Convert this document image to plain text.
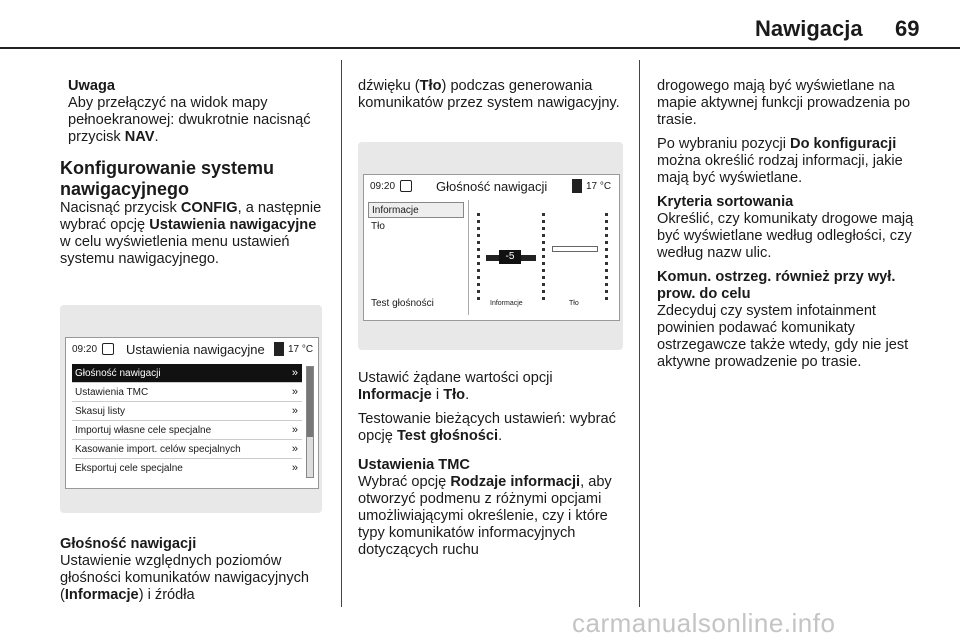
Nawigacja 69

Uwaga

Aby przełączyć na widok mapy pełnoekranowej: dwukrotnie nacisnąć przycisk NAV.

Konfigurowanie systemu nawigacyjnego

Nacisnąć przycisk CONFIG, a następnie wybrać opcję Ustawienia nawigacyjne w celu wyświetlenia menu ustawień systemu nawigacyjnego.

09:20 Ustawienia nawigacyjne 17 °C
Głośność nawigacji	»
Ustawienia TMC	»
Skasuj listy	»
Importuj własne cele specjalne	»
Kasowanie import. celów specjalnych	»
Eksportuj cele specjalne	»

Głośność nawigacji

Ustawienie względnych poziomów głośności komunikatów nawigacyjnych (Informacje) i źródła

dźwięku (Tło) podczas generowania komunikatów przez system nawigacyjny.

09:20	Głośność nawigacji	17 °C
Informacje
Tło
Test głośności
-5
Informacje	Tło

Ustawić żądane wartości opcji Informacje i Tło.

Testowanie bieżących ustawień: wybrać opcję Test głośności.

Ustawienia TMC

Wybrać opcję Rodzaje informacji, aby otworzyć podmenu z różnymi opcjami umożliwiającymi określenie, czy i które typy komunikatów informacyjnych dotyczących ruchu

drogowego mają być wyświetlane na mapie aktywnej funkcji prowadzenia po trasie.

Po wybraniu pozycji Do konfiguracji można określić rodzaj informacji, jakie mają być wyświetlane.

Kryteria sortowania

Określić, czy komunikaty drogowe mają być wyświetlane według odległości, czy według nazw ulic.

Komun. ostrzeg. również przy wył. prow. do celu

Zdecyduj czy system infotainment powinien podawać komunikaty ostrzegawcze także wtedy, gdy nie jest aktywne prowadzenie po trasie.

carmanualsonline.info
